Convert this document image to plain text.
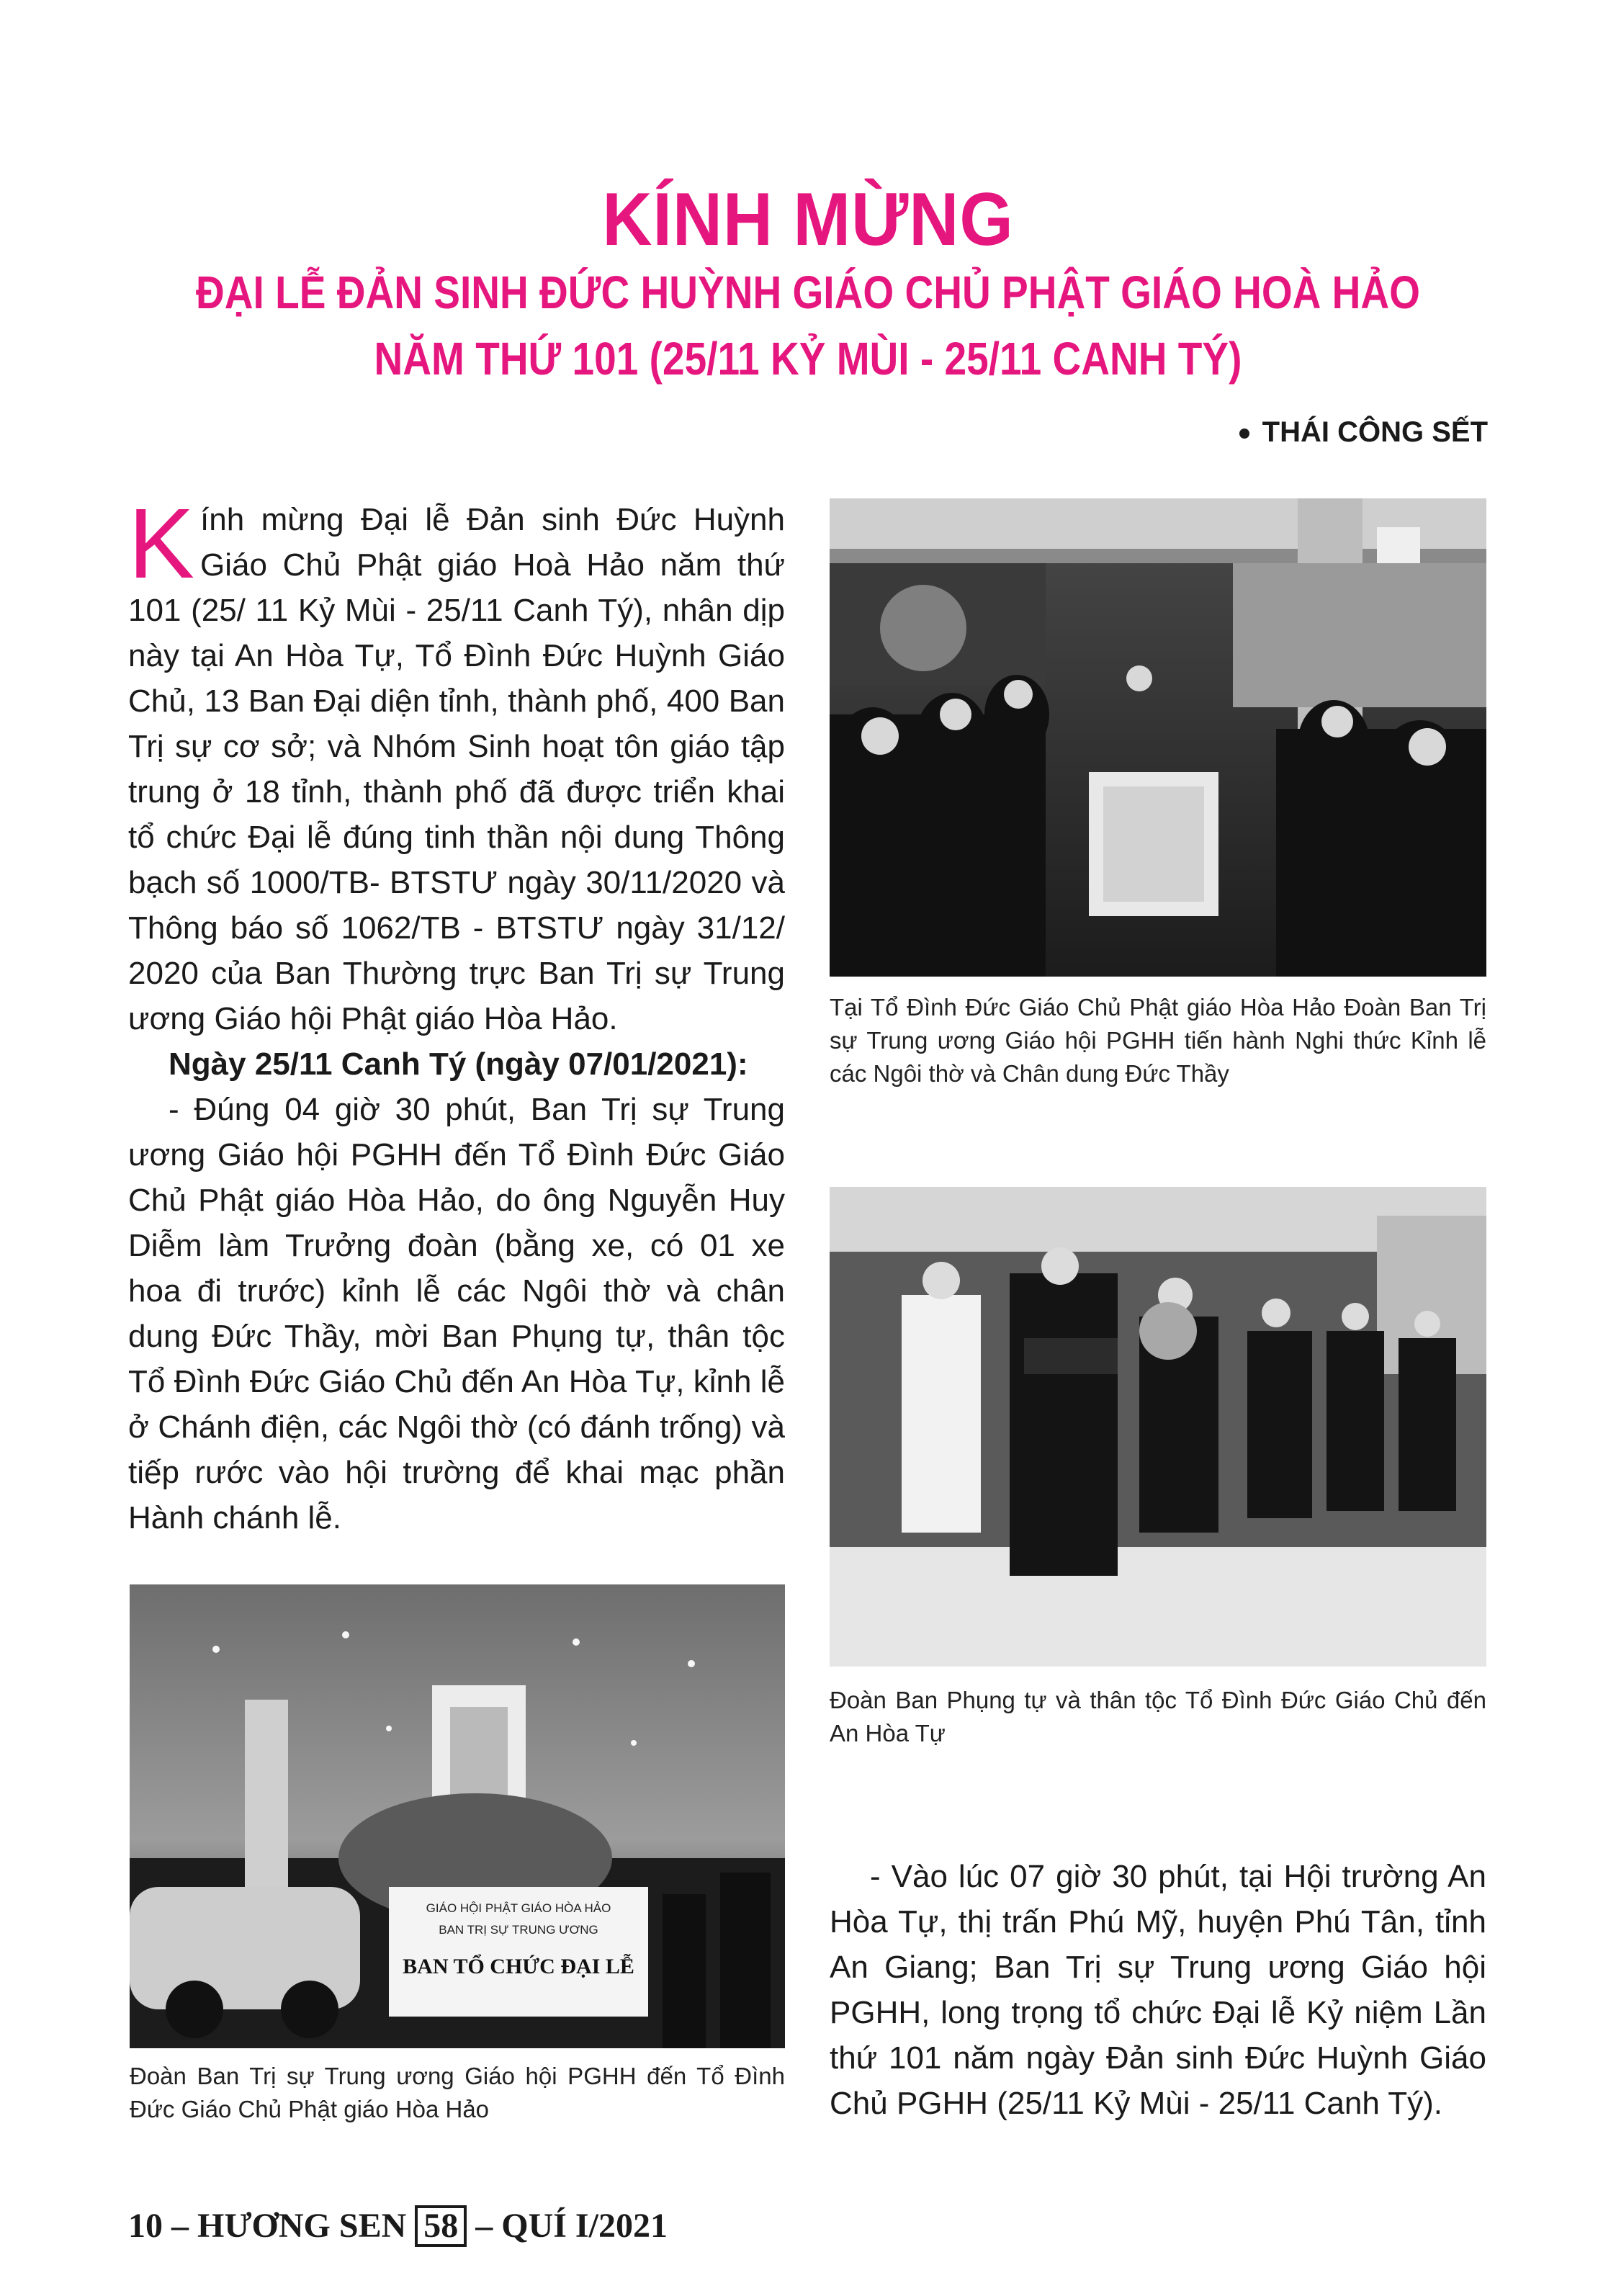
KÍNH MỪNG
ĐẠI LỄ ĐẢN SINH ĐỨC HUỲNH GIÁO CHỦ PHẬT GIÁO HOÀ HẢO
NĂM THỨ 101 (25/11 KỶ MÙI - 25/11 CANH TÝ)
THÁI CÔNG SẾT

Kính mừng Đại lễ Đản sinh Đức Huỳnh Giáo Chủ Phật giáo Hoà Hảo năm thứ 101 (25/ 11 Kỷ Mùi - 25/11 Canh Tý), nhân dịp này tại An Hòa Tự, Tổ Đình Đức Huỳnh Giáo Chủ, 13 Ban Đại diện tỉnh, thành phố, 400 Ban Trị sự cơ sở; và Nhóm Sinh hoạt tôn giáo tập trung ở 18 tỉnh, thành phố đã được triển khai tổ chức Đại lễ đúng tinh thần nội dung Thông bạch số 1000/TB- BTSTƯ ngày 30/11/2020 và Thông báo số 1062/TB - BTSTƯ ngày 31/12/ 2020 của Ban Thường trực Ban Trị sự Trung ương Giáo hội Phật giáo Hòa Hảo.

Ngày 25/11 Canh Tý (ngày 07/01/2021):

- Đúng 04 giờ 30 phút, Ban Trị sự Trung ương Giáo hội PGHH đến Tổ Đình Đức Giáo Chủ Phật giáo Hòa Hảo, do ông Nguyễn Huy Diễm làm Trưởng đoàn (bằng xe, có 01 xe hoa đi trước) kỉnh lễ các Ngôi thờ và chân dung Đức Thầy, mời Ban Phụng tự, thân tộc Tổ Đình Đức Giáo Chủ đến An Hòa Tự, kỉnh lễ ở Chánh điện, các Ngôi thờ (có đánh trống) và tiếp rước vào hội trường để khai mạc phần Hành chánh lễ.

Tại Tổ Đình Đức Giáo Chủ Phật giáo Hòa Hảo Đoàn Ban Trị sự Trung ương Giáo hội PGHH tiến hành Nghi thức Kỉnh lễ các Ngôi thờ và Chân dung Đức Thầy
Đoàn Ban Phụng tự và thân tộc Tổ Đình Đức Giáo Chủ đến An Hòa Tự
GIÁO HỘI PHẬT GIÁO HÒA HẢO
BAN TRỊ SỰ TRUNG ƯƠNG
BAN TỔ CHỨC ĐẠI LỄ
Đoàn Ban Trị sự Trung ương Giáo hội PGHH đến Tổ Đình Đức Giáo Chủ Phật giáo Hòa Hảo

- Vào lúc 07 giờ 30 phút, tại Hội trường An Hòa Tự, thị trấn Phú Mỹ, huyện Phú Tân, tỉnh An Giang; Ban Trị sự Trung ương Giáo hội PGHH, long trọng tổ chức Đại lễ Kỷ niệm Lần thứ 101 năm ngày Đản sinh Đức Huỳnh Giáo Chủ PGHH (25/11 Kỷ Mùi - 25/11 Canh Tý).

10 – HƯƠNG SEN 58 – QUÍ I/2021
